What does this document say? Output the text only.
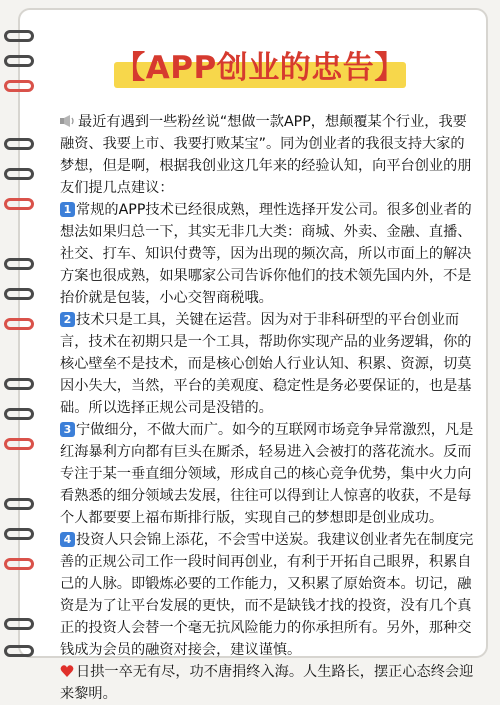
【APP创业的忠告】

最近有遇到一些粉丝说“想做一款APP，想颠覆某个行业，我要融资、我要上市、我要打败某宝”。同为创业者的我很支持大家的梦想，但是啊，根据我创业这几年来的经验认知，向平台创业的朋友们提几点建议：

1 常规的APP技术已经很成熟，理性选择开发公司。很多创业者的想法如果归总一下，其实无非几大类：商城、外卖、金融、直播、社交、打车、知识付费等，因为出现的频次高，所以市面上的解决方案也很成熟，如果哪家公司告诉你他们的技术领先国内外，不是抬价就是包装，小心交智商税哦。

2 技术只是工具，关键在运营。因为对于非科研型的平台创业而言，技术在初期只是一个工具，帮助你实现产品的业务逻辑，你的核心壁垒不是技术，而是核心创始人行业认知、积累、资源，切莫因小失大，当然，平台的美观度、稳定性是务必要保证的，也是基础。所以选择正规公司是没错的。

3 宁做细分，不做大而广。如今的互联网市场竞争异常激烈，凡是红海暴利方向都有巨头在厮杀，轻易进入会被打的落花流水。反而专注于某一垂直细分领域，形成自己的核心竞争优势，集中火力向看熟悉的细分领域去发展，往往可以得到让人惊喜的收获，不是每个人都要要上福布斯排行版，实现自己的梦想即是创业成功。

4 投资人只会锦上添花，不会雪中送炭。我建议创业者先在制度完善的正规公司工作一段时间再创业，有利于开拓自己眼界，积累自己的人脉。即锻炼必要的工作能力，又积累了原始资本。切记，融资是为了让平台发展的更快，而不是缺钱才找的投资，没有几个真正的投资人会替一个毫无抗风险能力的你承担所有。另外，那种交钱成为会员的融资对接会，建议谨慎。

日拱一卒无有尽，功不唐捐终入海。人生路长，摆正心态终会迎来黎明。
